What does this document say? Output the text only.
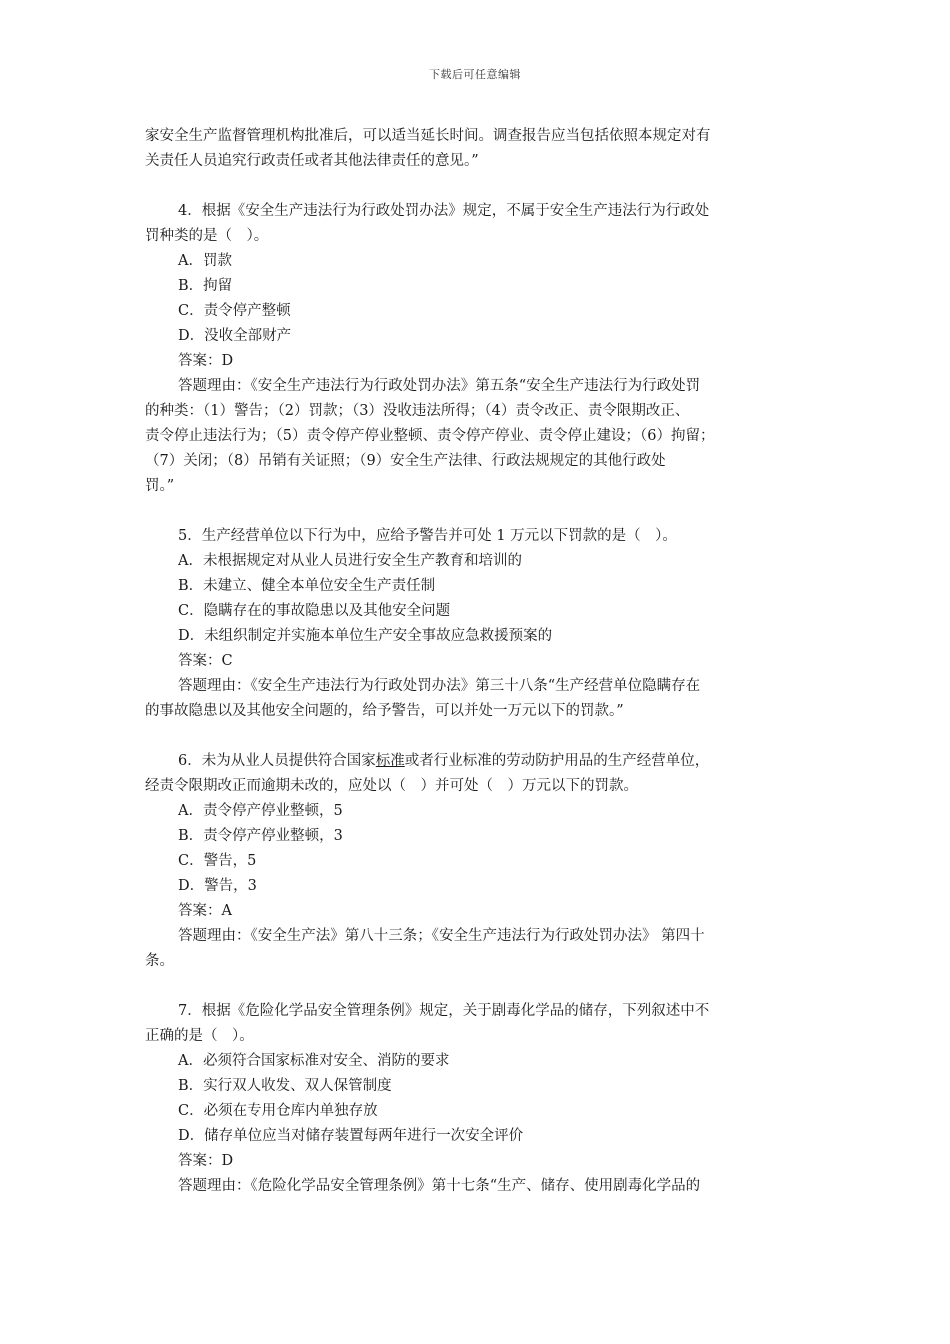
下载后可任意编辑

家安全生产监督管理机构批准后，可以适当延长时间。调查报告应当包括依照本规定对有

关责任人员追究行政责任或者其他法律责任的意见。”

4．根据《安全生产违法行为行政处罚办法》规定，不属于安全生产违法行为行政处

罚种类的是（　）。

A．罚款

B．拘留

C．责令停产整顿

D．没收全部财产

答案：D

答题理由：《安全生产违法行为行政处罚办法》第五条“安全生产违法行为行政处罚

的种类：（1）警告；（2）罚款；（3）没收违法所得；（4）责令改正、责令限期改正、

责令停止违法行为；（5）责令停产停业整顿、责令停产停业、责令停止建设；（6）拘留；

（7）关闭；（8）吊销有关证照；（9）安全生产法律、行政法规规定的其他行政处

罚。”

5．生产经营单位以下行为中，应给予警告并可处 1 万元以下罚款的是（　）。

A．未根据规定对从业人员进行安全生产教育和培训的

B．未建立、健全本单位安全生产责任制

C．隐瞒存在的事故隐患以及其他安全问题

D．未组织制定并实施本单位生产安全事故应急救援预案的

答案：C

答题理由：《安全生产违法行为行政处罚办法》第三十八条“生产经营单位隐瞒存在

的事故隐患以及其他安全问题的，给予警告，可以并处一万元以下的罚款。”

6．未为从业人员提供符合国家标准或者行业标准的劳动防护用品的生产经营单位，

经责令限期改正而逾期未改的，应处以（　）并可处（　）万元以下的罚款。

A．责令停产停业整顿，5

B．责令停产停业整顿，3

C．警告，5

D．警告，3

答案：A

答题理由：《安全生产法》第八十三条；《安全生产违法行为行政处罚办法》 第四十

条。

7．根据《危险化学品安全管理条例》规定，关于剧毒化学品的储存，下列叙述中不

正确的是（　）。

A．必须符合国家标准对安全、消防的要求

B．实行双人收发、双人保管制度

C．必须在专用仓库内单独存放

D．储存单位应当对储存装置每两年进行一次安全评价

答案：D

答题理由：《危险化学品安全管理条例》第十七条“生产、储存、使用剧毒化学品的
